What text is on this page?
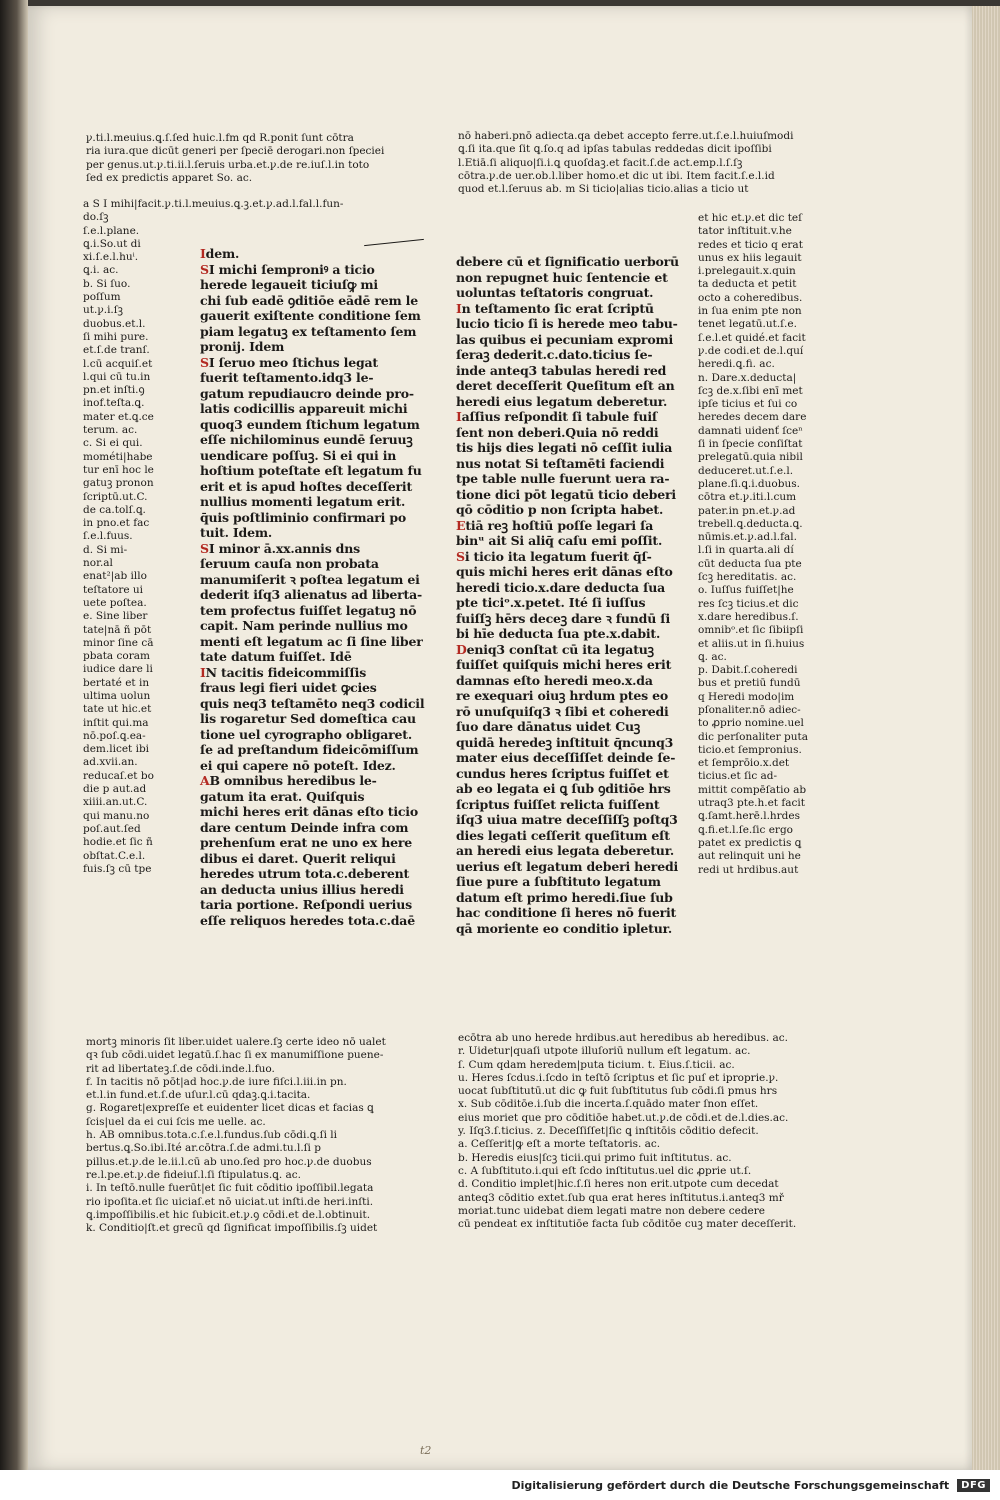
ꝩ.ti.l.meuius.ꝗ.ſ.ſed huic.l.fm qd R.ponit ſunt cōtra
ria iura.que dicūt generi per ſpeciē derogari.non ſpeciei
per genus.ut.ꝩ.ti.ii.l.ſeruis urba.et.ꝩ.de re.iuſ.l.in toto
ſed ex predictis apparet So. ac.
nō haberi.pnō adiecta.qa debet accepto ferre.ut.ſ.e.l.huiuſmodi
ꝗ.ſi ita.que ſit ꝗ.ſo.q ad ipſas tabulas reddedas dicit ipoſſibi
l.Etiā.ſi aliquo|ſi.i.ꝗ quoſdaꝫ.et facit.ſ.de act.emp.l.ſ.ſꝫ
cōtra.ꝩ.de uer.ob.l.liber homo.et dic ut ibi. Item facit.ſ.e.l.id
quod et.l.ſeruus ab. m Si ticio|alias ticio.alias a ticio ut
a S I mihi|facit.ꝩ.ti.l.meuius.ꝗ.ꝫ.et.ꝩ.ad.l.fal.l.fun-
do.ſꝫ
ſ.e.l.plane.
ꝗ.i.So.ut di
xi.ſ.e.l.huⁱ.
ꝗ.i. ac.
b. Si ſuo.
poſſum
ut.ꝩ.i.ſꝫ
duobus.et.l.
ſi mihi pure.
et.ſ.de tranſ.
l.cū acquiſ.et
l.qui cū tu.in
pn.et inſti.ꝯ
inof.teſta.ꝗ.
mater et.ꝗ.ce
terum. ac.
c. Si ei qui.
mométi|habe
tur enī hoc le
gatuꝫ pronon
ſcriptū.ut.C.
de ca.tolſ.ꝗ.
in pno.et fac
ſ.e.l.fuus.
d. Si mi-
nor.al
enat²|ab illo
teſtatore ui
uete poſtea.
e. Sine liber
tate|nā ñ pōt
minor ſine cā
pbata coram
iudice dare li
bertaté et in
ultima uolun
tate ut hic.et
inſtit qui.ma
nō.poſ.ꝗ.ea-
dem.licet ibi
ad.xvii.an.
reducaſ.et bo
die p aut.ad
xiiii.an.ut.C.
qui manu.no
poſ.aut.ſed
hodie.et ſic ñ
obſtat.C.e.l.
fuis.ſꝫ cū tpe
Idem.
SI michi ſemproniꝰ a ticio
herede legaueit ticiuſꝙ mi
chi ſub eadē ꝯditiōe eādē rem le
gauerit exiſtente conditione ſem
piam legatuꝫ ex teſtamento ſem
pronij. Idem
SI ſeruo meo ſtichus legat
fuerit teſtamento.idq3 le-
gatum repudiaucro deinde pro-
latis codicillis appareuit michi
quoq3 eundem ſtichum legatum
eſſe nichilominus eundē ſeruuꝫ
uendicare poſſuꝫ. Si ei qui in
hoſtium poteſtate eſt legatum fu
erit et is apud hoſtes deceſſerit
nullius momenti legatum erit.
q̄uis poſtliminio confirmari po
tuit. Idem.
SI minor ā.xx.annis dns
ſeruum cauſa non probata
manumiſerit ꝛ poſtea legatum ei
dederit iſq3 alienatus ad liberta-
tem profectus fuiſſet legatuꝫ nō
capit. Nam perinde nullius mo
menti eſt legatum ac ſi ſine liber
tate datum fuiſſet. Idē
IN tacitis fideicommiſſis
fraus legi fieri uidet ꝙcies
quis neq3 teſtamēto neq3 codicil
lis rogaretur Sed domeſtica cau
tione uel cyrographo obligaret.
ſe ad preſtandum fideicōmiſſum
ei qui capere nō poteſt. Idez.
AB omnibus heredibus le-
gatum ita erat. Quiſquis
michi heres erit dānas eſto ticio
dare centum Deinde infra com
prehenſum erat ne uno ex here
dibus ei daret. Querit reliqui
heredes utrum tota.c.deberent
an deducta unius illius heredi
taria portione. Reſpondi uerius
eſſe reliquos heredes tota.c.daē
debere cū et ſignificatio uerborū
non repugnet huic ſentencie et
uoluntas teſtatoris congruat.
In teſtamento ſic erat ſcriptū
lucio ticio ſi is herede meo tabu-
las quibus ei pecuniam expromi
ſeraꝫ dederit.c.dato.ticius ſe-
inde anteq3 tabulas heredi red
deret deceſſerit Queſitum eſt an
heredi eius legatum deberetur.
Iaſſius reſpondit ſi tabule fuiſ
ſent non deberi.Quia nō reddi
tis hijs dies legati nō ceſſit iulia
nus notat Si teſtamēti faciendi
tpe table nulle fuerunt uera ra-
tione dici pōt legatū ticio deberi
qō cōditio p non ſcripta habet.
Etiā reꝫ hoſtiū poſſe legari ſa
binᵘ ait Si aliq̄ caſu emi poſſit.
Si ticio ita legatum fuerit q̄ſ-
quis michi heres erit dānas eſto
heredi ticio.x.dare deducta ſua
pte ticiᵒ.x.petet. Ité ſi iuſſus
fuiſſꝫ hērs deceꝫ dare ꝛ fundū ſi
bi hīe deducta ſua pte.x.dabit.
Deniq3 conſtat cū ita legatuꝫ
fuiſſet quiſquis michi heres erit
damnas eſto heredi meo.x.da
re exequari oiuꝫ hrdum ptes eo
rō unuſquiſq3 ꝛ ſibi et coheredi
ſuo dare dānatus uidet Cuꝫ
quidā heredeꝫ inſtituit q̄ncunq3
mater eius deceſſiſſet deinde ſe-
cundus heres ſcriptus fuiſſet et
ab eo legata ei ꝗ ſub ꝯditiōe hrs
ſcriptus fuiſſet relicta fuiſſent
iſq3 uiua matre deceſſiſſꝫ poſtq3
dies legati ceſſerit queſitum eſt
an heredi eius legata deberetur.
uerius eſt legatum deberi heredi
ſiue pure a ſubſtituto legatum
datum eſt primo heredi.ſiue ſub
hac conditione ſi heres nō fuerit
qā moriente eo conditio ipletur.
et hic et.ꝩ.et dic teſ
tator inſtituit.v.he
redes et ticio q erat
unus ex hiis legauit
i.prelegauit.x.quin
ta deducta et petit
octo a coheredibus.
in ſua enim pte non
tenet legatū.ut.ſ.e.
ſ.e.l.et quidé.et facit
ꝩ.de codi.et de.l.quí
heredi.ꝗ.fi. ac.
n. Dare.x.deducta|
ſcꝫ de.x.ſibi enī met
ipſe ticius et ſui co
heredes decem dare
damnati uidenť ſceⁿ
ſi in ſpecie conſiſtat
prelegatū.quia nibil
deduceret.ut.ſ.e.l.
plane.ſi.ꝗ.i.duobus.
cōtra et.ꝩ.iti.l.cum
pater.in pn.et.ꝩ.ad
trebell.ꝗ.deducta.ꝗ.
nūmis.et.ꝩ.ad.l.fal.
l.ſi in quarta.ali dí
cūt deducta ſua pte
ſcꝫ hereditatis. ac.
o. Iuſſus fuiſſet|he
res ſcꝫ ticius.et dic
x.dare heredibus.ſ.
omnibᵒ.et ſic ſibiipſi
et aliis.ut in ſi.huius
ꝗ. ac.
p. Dabit.ſ.coheredi
bus et pretiū fundū
q Heredi modo|im
pſonaliter.nō adiec-
to ꝓprio nomine.uel
dic perſonaliter puta
ticio.et ſempronius.
et ſemprōio.x.det
ticius.et ſic ad-
mittit compēſatio ab
utraq3 pte.h.et facit
ꝗ.ſamt.herē.l.hrdes
ꝗ.fi.et.l.ſe.ſic ergo
patet ex predictis ꝗ
aut relinquit uni he
redi ut hrdibus.aut
mortꝫ minoris ſit liber.uidet ualere.ſꝫ certe ideo nō ualet
qꝛ ſub cōdi.uidet legatū.ſ.hac ſi ex manumiſſione puene-
rit ad libertateꝫ.ſ.de cōdi.inde.l.fuo.
f. In tacitis nō pōt|ad hoc.ꝩ.de iure fiſci.l.iii.in pn.
et.l.in fund.et.ſ.de uſur.l.cū qdaꝫ.ꝗ.i.tacita.
g. Rogaret|expreſſe et euidenter licet dicas et facias ꝗ
ſcis|uel da ei cui ſcis me uelle. ac.
h. AB omnibus.tota.c.ſ.e.l.fundus.ſub cōdi.ꝗ.ſi li
bertus.ꝗ.So.ibi.Ité ar.cōtra.ſ.de admi.tu.l.ſi p
pillus.et.ꝩ.de le.ii.l.cū ab uno.ſed pro hoc.ꝩ.de duobus
re.l.pe.et.ꝩ.de fideiuſ.l.ſi ſtipulatus.ꝗ. ac.
i. In teſtō.nulle fuerūt|et ſic fuit cōditio ipoſſibil.legata
rio ipoſita.et ſic uiciaſ.et nō uiciat.ut inſti.de heri.inſti.
ꝗ.impoſſibilis.et hic ſubicit.et.ꝩ.ꝯ cōdi.et de.l.obtinuit.
k. Conditio|ſt.et grecū qd ſignificat impoſſibilis.ſꝫ uidet
ecōtra ab uno herede hrdibus.aut heredibus ab heredibus. ac.
r. Uidetur|quaſi utpote illuſoriū nullum eſt legatum. ac.
ſ. Cum qdam heredem|puta ticium. t. Eius.ſ.ticii. ac.
u. Heres ſcdus.i.ſcdo in teſtō ſcriptus et ſic puſ et iproprie.ꝩ.
uocat ſubſtitutū.ut dic ꝙ fuit ſubſtitutus ſub cōdi.ſi pmus hrs
x. Sub cōditōe.i.ſub die incerta.ſ.quādo mater ſnon eſſet.
eius moriet que pro cōditiōe habet.ut.ꝩ.de cōdi.et de.l.dies.ac.
y. Iſq3.ſ.ticius. z. Deceſſiſſet|ſic ꝗ inſtitōis cōditio defecit.
a. Ceſſerit|ꝙ eſt a morte teſtatoris. ac.
b. Heredis eius|ſcꝫ ticii.qui primo fuit inſtitutus. ac.
c. A ſubſtituto.i.qui eſt ſcdo inſtitutus.uel dic ꝓprie ut.ſ.
d. Conditio implet|hic.ſ.ſi heres non erit.utpote cum decedat
anteq3 cōditio extet.ſub qua erat heres inſtitutus.i.anteq3 mř
moriat.tunc uidebat diem legati matre non debere cedere
cū pendeat ex inſtitutiōe facta ſub cōditōe cuꝫ mater deceſſerit.
t2
Digitalisierung gefördert durch die Deutsche Forschungsgemeinschaft	DFG
